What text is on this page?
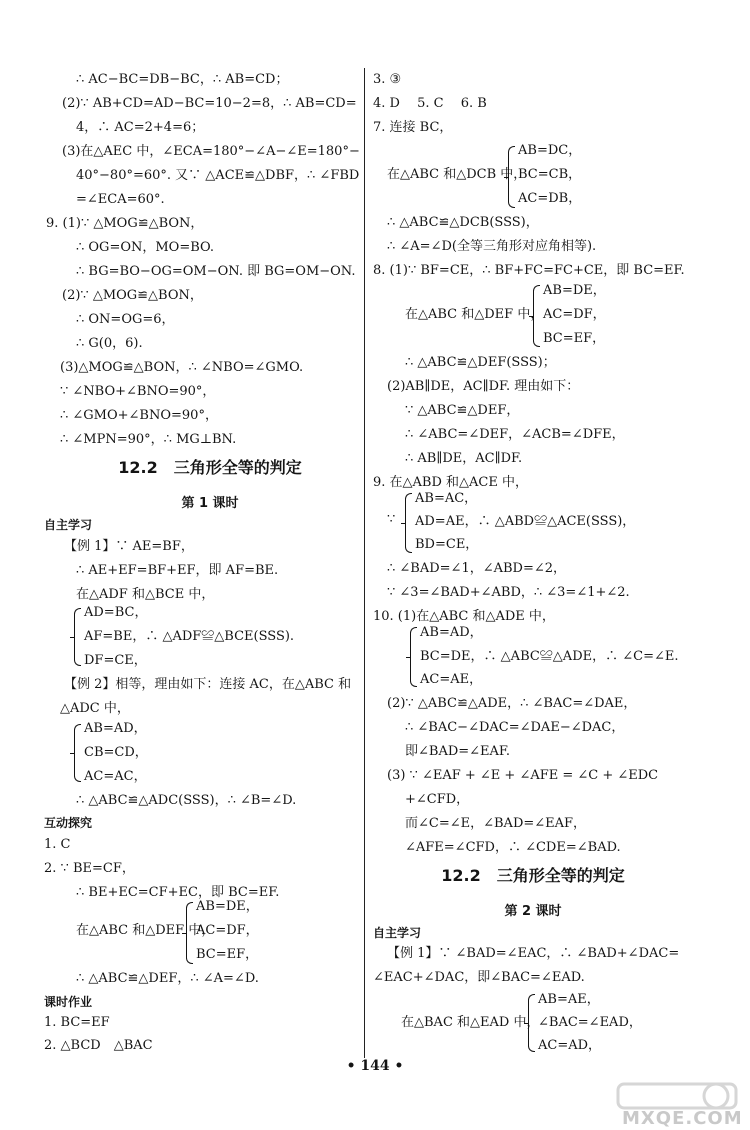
∴ AC−BC=DB−BC，∴ AB=CD；
(2)∵ AB+CD=AD−BC=10−2=8，∴ AB=CD=
4，∴ AC=2+4=6；
(3)在△AEC 中，∠ECA=180°−∠A−∠E=180°−
40°−80°=60°. 又∵ △ACE≌△DBF，∴ ∠FBD
=∠ECA=60°.
9. (1)∵ △MOG≌△BON，
∴ OG=ON，MO=BO.
∴ BG=BO−OG=OM−ON. 即 BG=OM−ON.
(2)∵ △MOG≌△BON，
∴ ON=OG=6，
∴ G(0，6).
(3)△MOG≌△BON，∴ ∠NBO=∠GMO.
∵ ∠NBO+∠BNO=90°，
∴ ∠GMO+∠BNO=90°，
∴ ∠MPN=90°，∴ MG⊥BN.
12.2　三角形全等的判定
第 1 课时
自主学习
【例 1】∵ AE=BF，
∴ AE+EF=BF+EF，即 AF=BE.
在△ADF 和△BCE 中，
AD=BC，
AF=BE，∴ △ADF≌△BCE(SSS).
DF=CE，
【例 2】相等，理由如下：连接 AC，在△ABC 和
△ADC 中，
AB=AD，
CB=CD，
AC=AC，
∴ △ABC≌△ADC(SSS)，∴ ∠B=∠D.
互动探究
1. C
2. ∵ BE=CF，
∴ BE+EC=CF+EC，即 BC=EF.
AB=DE，
在△ABC 和△DEF 中，
AC=DF，
BC=EF，
∴ △ABC≌△DEF，∴ ∠A=∠D.
课时作业
1. BC=EF
2. △BCD　△BAC
3. ③
4. D　 5. C　 6. B
7. 连接 BC，
AB=DC，
在△ABC 和△DCB 中，
BC=CB，
AC=DB，
∴ △ABC≌△DCB(SSS)，
∴ ∠A=∠D(全等三角形对应角相等).
8. (1)∵ BF=CE，∴ BF+FC=FC+CE，即 BC=EF.
AB=DE，
在△ABC 和△DEF 中， AC=DF，
BC=EF，
∴ △ABC≌△DEF(SSS)；
(2)AB∥DE，AC∥DF. 理由如下：
∵ △ABC≌△DEF，
∴ ∠ABC=∠DEF，∠ACB=∠DFE，
∴ AB∥DE，AC∥DF.
9. 在△ABD 和△ACE 中，
AB=AC，
∵ AD=AE，∴ △ABD≌△ACE(SSS)，
BD=CE，
∴ ∠BAD=∠1，∠ABD=∠2，
∵ ∠3=∠BAD+∠ABD，∴ ∠3=∠1+∠2.
10. (1)在△ABC 和△ADE 中，
AB=AD，
BC=DE，∴ △ABC≌△ADE，∴ ∠C=∠E.
AC=AE，
(2)∵ △ABC≌△ADE，∴ ∠BAC=∠DAE，
∴ ∠BAC−∠DAC=∠DAE−∠DAC，
即∠BAD=∠EAF.
(3) ∵ ∠EAF + ∠E + ∠AFE = ∠C + ∠EDC
+∠CFD，
而∠C=∠E，∠BAD=∠EAF，
∠AFE=∠CFD，∴ ∠CDE=∠BAD.
12.2　三角形全等的判定
第 2 课时
自主学习
【例 1】∵ ∠BAD=∠EAC，∴ ∠BAD+∠DAC=
∠EAC+∠DAC，即∠BAC=∠EAD.
AB=AE，
在△BAC 和△EAD 中，
∠BAC=∠EAD，
AC=AD，
• 144 •
MXQE.COM
